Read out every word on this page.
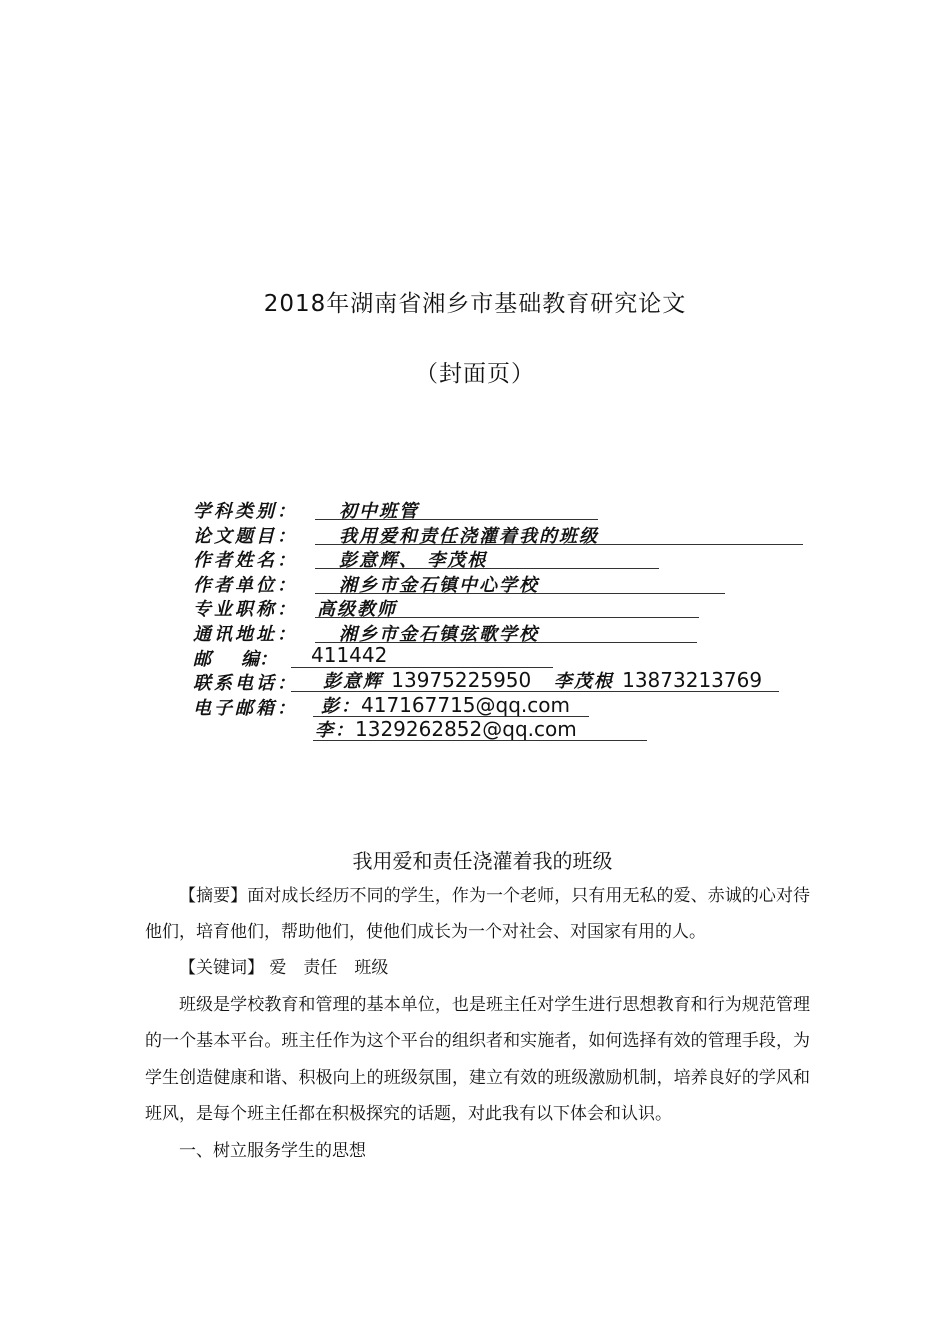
2018年湖南省湘乡市基础教育研究论文
（封面页）
学科类别：	初中班管
论文题目：	我用爱和责任浇灌着我的班级
作者姓名：	彭意辉、 李茂根
作者单位：	湘乡市金石镇中心学校
专业职称：	高级教师
通讯地址：	湘乡市金石镇弦歌学校
邮 编：	411442
联系电话：	彭意辉 13975225950 李茂根 13873213769
电子邮箱：	彭：417167715@qq.com
李：1329262852@qq.com
我用爱和责任浇灌着我的班级

【摘要】面对成长经历不同的学生，作为一个老师，只有用无私的爱、赤诚的心对待他们，培育他们，帮助他们，使他们成长为一个对社会、对国家有用的人。

【关键词】 爱　责任　班级

班级是学校教育和管理的基本单位，也是班主任对学生进行思想教育和行为规范管理的一个基本平台。班主任作为这个平台的组织者和实施者，如何选择有效的管理手段，为学生创造健康和谐、积极向上的班级氛围，建立有效的班级激励机制，培养良好的学风和班风，是每个班主任都在积极探究的话题，对此我有以下体会和认识。

一、树立服务学生的思想
